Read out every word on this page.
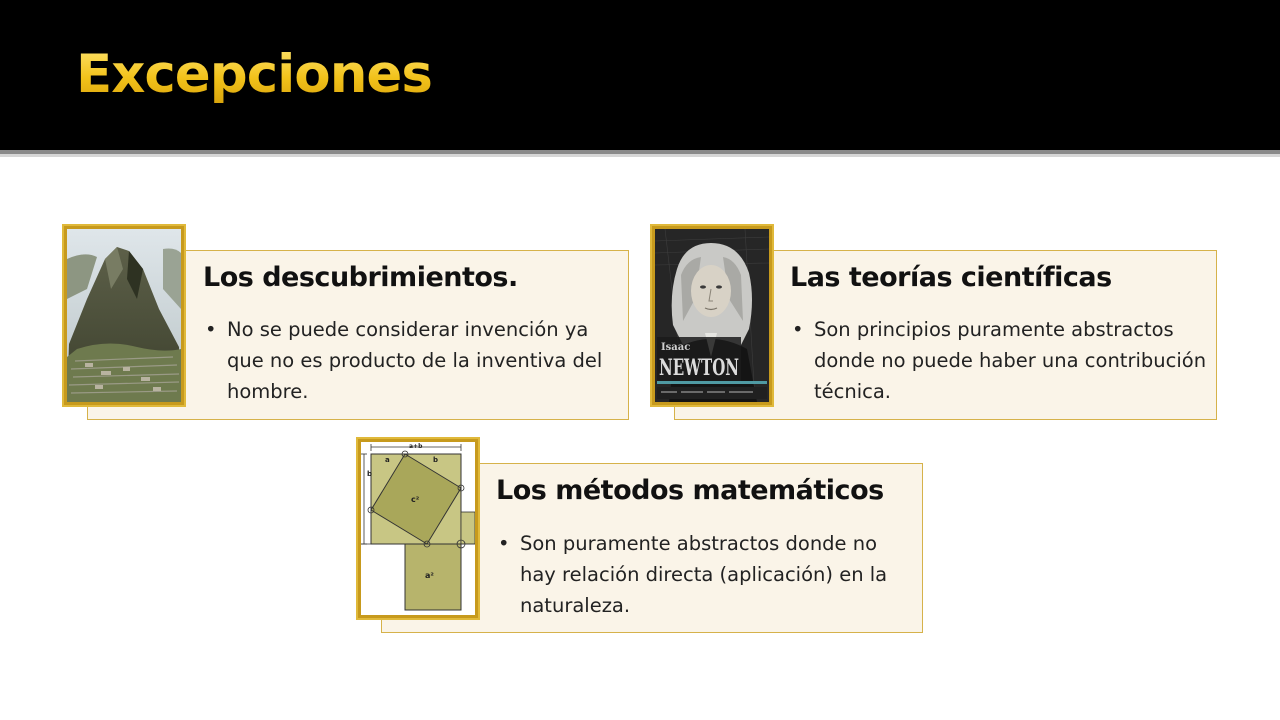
Excepciones
Los descubrimientos.
• No se puede considerar invención ya que no es producto de la inventiva del hombre.
Las teorías científicas
• Son principios puramente abstractos donde no puede haber una contribución técnica.
Isaac
NEWTON
Los métodos matemáticos
• Son puramente abstractos donde no hay relación directa (aplicación) en la naturaleza.
a+b
a	b
b
c²
a²
